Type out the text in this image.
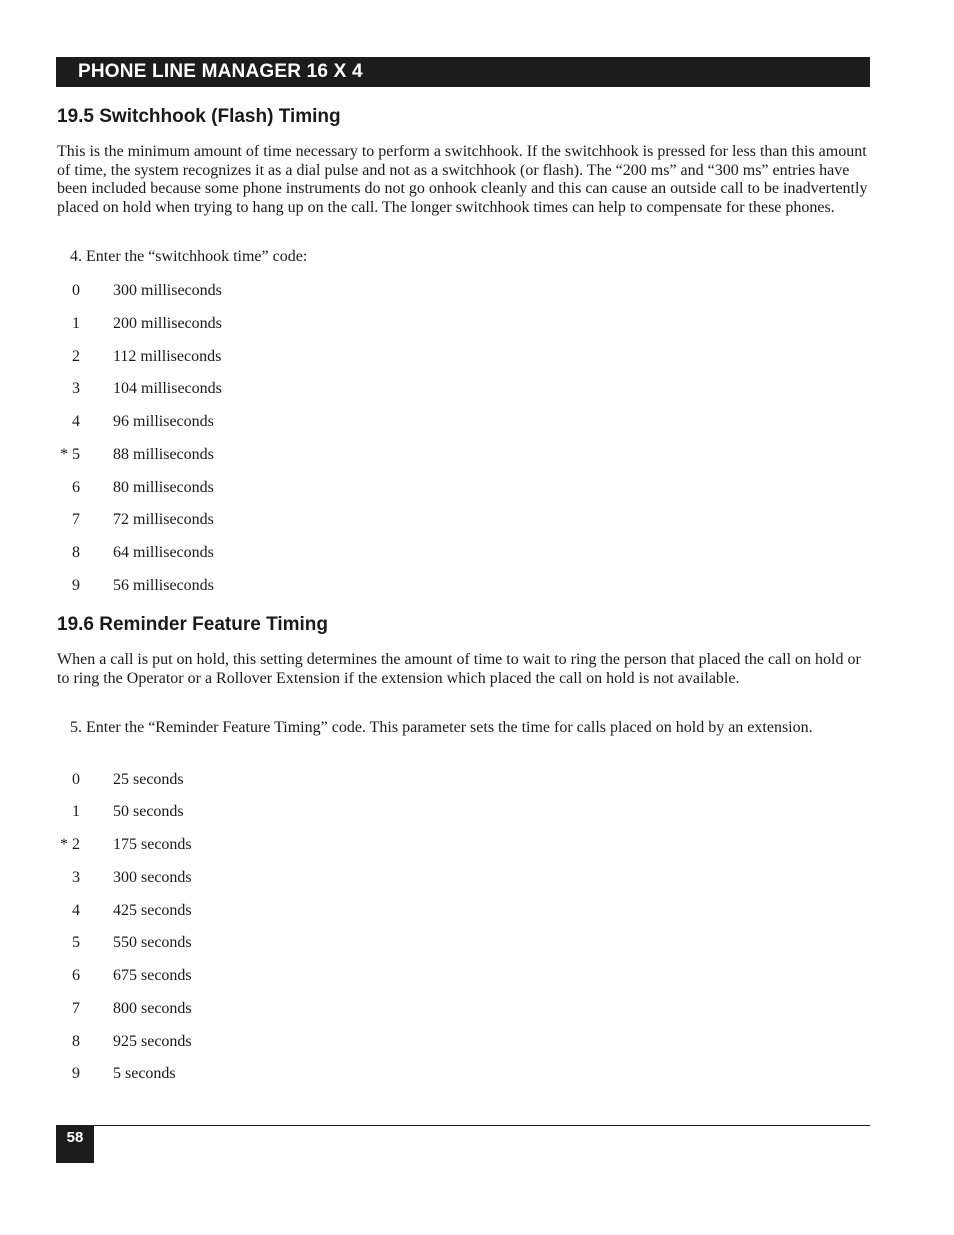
PHONE LINE MANAGER 16 X 4
19.5 Switchhook (Flash) Timing

This is the minimum amount of time necessary to perform a switchhook. If the switchhook is pressed for less than this amount of time, the system recognizes it as a dial pulse and not as a switchhook (or flash). The “200 ms” and “300 ms” entries have been included because some phone instruments do not go onhook cleanly and this can cause an outside call to be inadvertently placed on hold when trying to hang up on the call. The longer switchhook times can help to compensate for these phones.

4. Enter the “switchhook time” code:

0 300 milliseconds
1 200 milliseconds
2 112 milliseconds
3 104 milliseconds
4 96 milliseconds
* 5 88 milliseconds
6 80 milliseconds
7 72 milliseconds
8 64 milliseconds
9 56 milliseconds
19.6 Reminder Feature Timing

When a call is put on hold, this setting determines the amount of time to wait to ring the person that placed the call on hold or to ring the Operator or a Rollover Extension if the extension which placed the call on hold is not available.

5. Enter the “Reminder Feature Timing” code. This parameter sets the time for calls placed on hold by an extension.

0 25 seconds
1 50 seconds
* 2 175 seconds
3 300 seconds
4 425 seconds
5 550 seconds
6 675 seconds
7 800 seconds
8 925 seconds
9 5 seconds
58
